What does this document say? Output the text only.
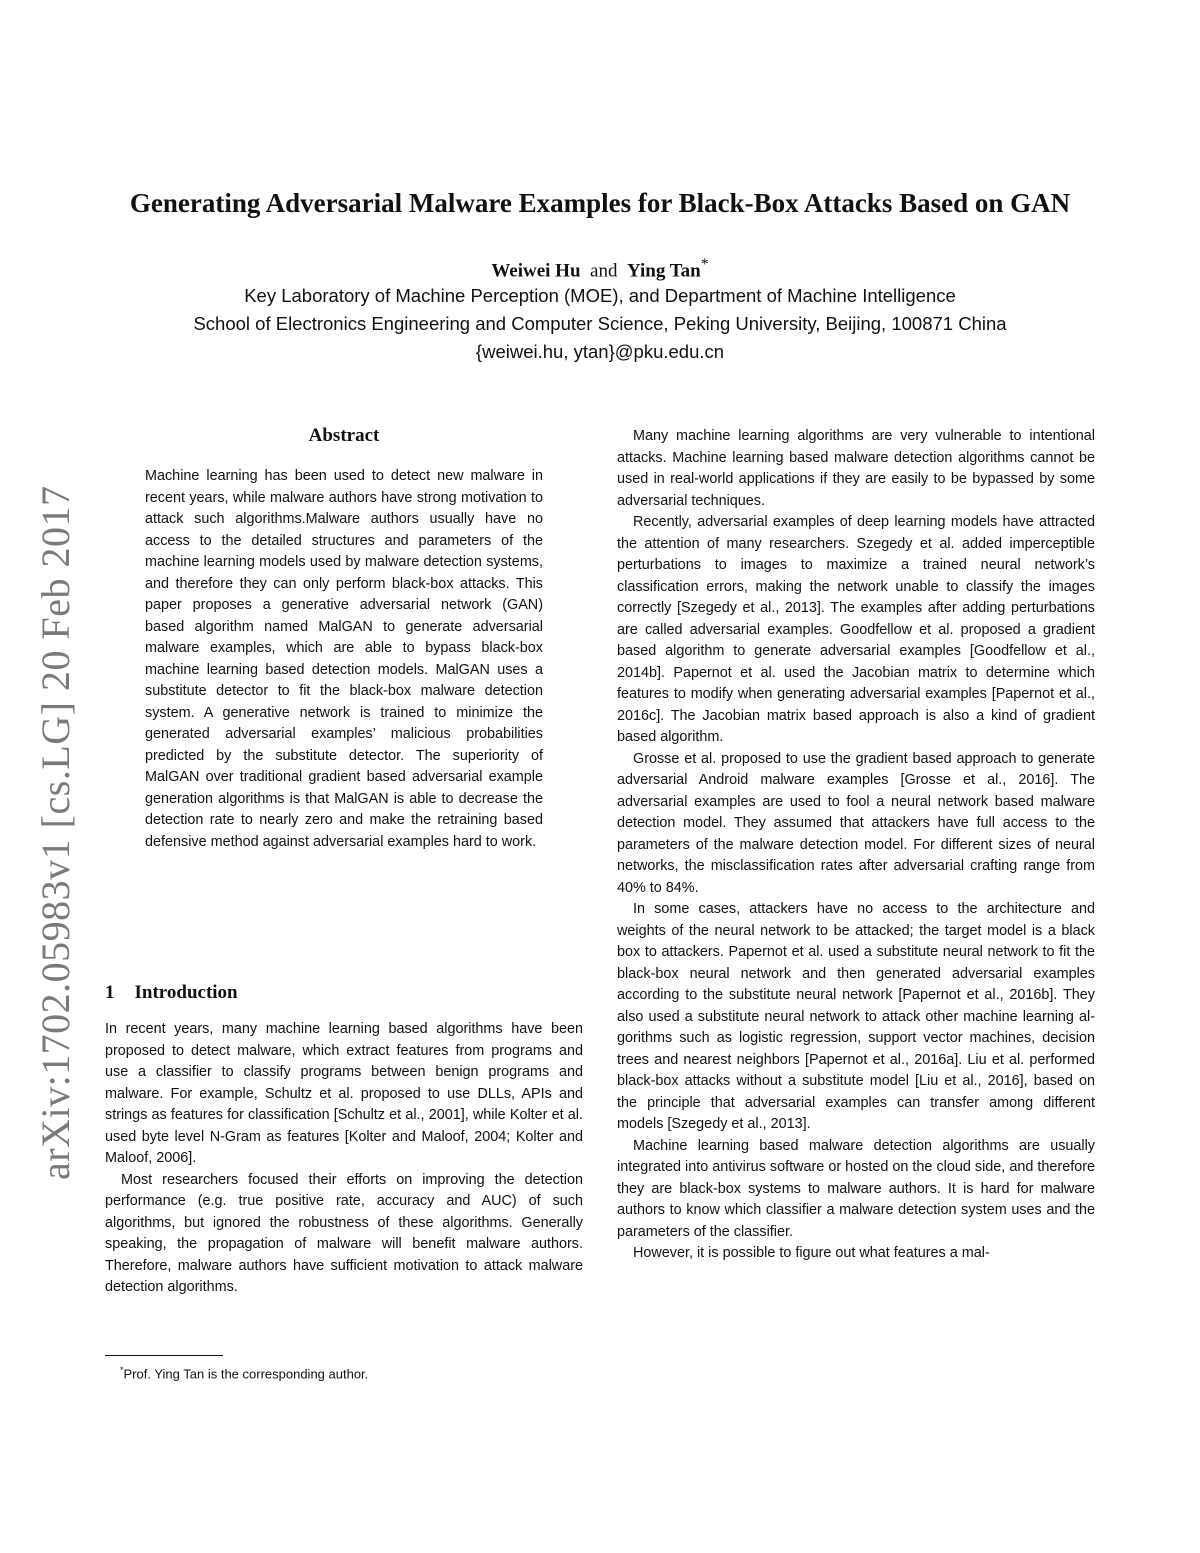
arXiv:1702.05983v1 [cs.LG] 20 Feb 2017
Generating Adversarial Malware Examples for Black-Box Attacks Based on GAN
Weiwei Hu and Ying Tan*
Key Laboratory of Machine Perception (MOE), and Department of Machine Intelligence
School of Electronics Engineering and Computer Science, Peking University, Beijing, 100871 China
{weiwei.hu, ytan}@pku.edu.cn
Abstract
Machine learning has been used to detect new malware in recent years, while malware authors have strong motivation to attack such algorithms.Malware authors usually have no access to the detailed structures and parameters of the machine learning models used by malware detection systems, and therefore they can only perform black-box attacks. This paper proposes a generative adversarial network (GAN) based algorithm named MalGAN to generate adversarial malware examples, which are able to bypass black-box machine learning based detection models. MalGAN uses a substitute detector to fit the black-box malware detection system. A generative network is trained to minimize the generated adversarial examples’ malicious probabilities predicted by the substitute detector. The superiority of MalGAN over traditional gradient based adversarial example generation algorithms is that MalGAN is able to decrease the detection rate to nearly zero and make the retraining based defensive method against adversarial examples hard to work.
1 Introduction

In recent years, many machine learning based algorithms have been proposed to detect malware, which extract features from programs and use a classifier to classify programs between benign programs and malware. For example, Schultz et al. proposed to use DLLs, APIs and strings as features for classification [Schultz et al., 2001], while Kolter et al. used byte level N-Gram as features [Kolter and Maloof, 2004; Kolter and Maloof, 2006].

Most researchers focused their efforts on improving the detection performance (e.g. true positive rate, accuracy and AUC) of such algorithms, but ignored the robustness of these algorithms. Generally speaking, the propagation of malware will benefit malware authors. Therefore, malware authors have sufficient motivation to attack malware detection algorithms.

*Prof. Ying Tan is the corresponding author.

Many machine learning algorithms are very vulnerable to intentional attacks. Machine learning based malware detection algorithms cannot be used in real-world applications if they are easily to be bypassed by some adversarial techniques.

Recently, adversarial examples of deep learning models have attracted the attention of many researchers. Szegedy et al. added imperceptible perturbations to images to maximize a trained neural network’s classification errors, making the network unable to classify the images correctly [Szegedy et al., 2013]. The examples after adding perturbations are called adversarial examples. Goodfellow et al. proposed a gradient based algorithm to generate adversarial examples [Goodfellow et al., 2014b]. Papernot et al. used the Jacobian matrix to determine which features to modify when generating adversarial examples [Papernot et al., 2016c]. The Jacobian matrix based approach is also a kind of gradient based algorithm.

Grosse et al. proposed to use the gradient based approach to generate adversarial Android malware examples [Grosse et al., 2016]. The adversarial examples are used to fool a neural network based malware detection model. They assumed that attackers have full access to the parameters of the malware detection model. For different sizes of neural networks, the misclassification rates after adversarial crafting range from 40% to 84%.

In some cases, attackers have no access to the architecture and weights of the neural network to be attacked; the target model is a black box to attackers. Papernot et al. used a substitute neural network to fit the black-box neural network and then generated adversarial examples according to the substitute neural network [Papernot et al., 2016b]. They also used a substitute neural network to attack other machine learning algorithms such as logistic regression, support vector machines, decision trees and nearest neighbors [Papernot et al., 2016a]. Liu et al. performed black-box attacks without a substitute model [Liu et al., 2016], based on the principle that adversarial examples can transfer among different models [Szegedy et al., 2013].

Machine learning based malware detection algorithms are usually integrated into antivirus software or hosted on the cloud side, and therefore they are black-box systems to malware authors. It is hard for malware authors to know which classifier a malware detection system uses and the parameters of the classifier.

However, it is possible to figure out what features a mal-
